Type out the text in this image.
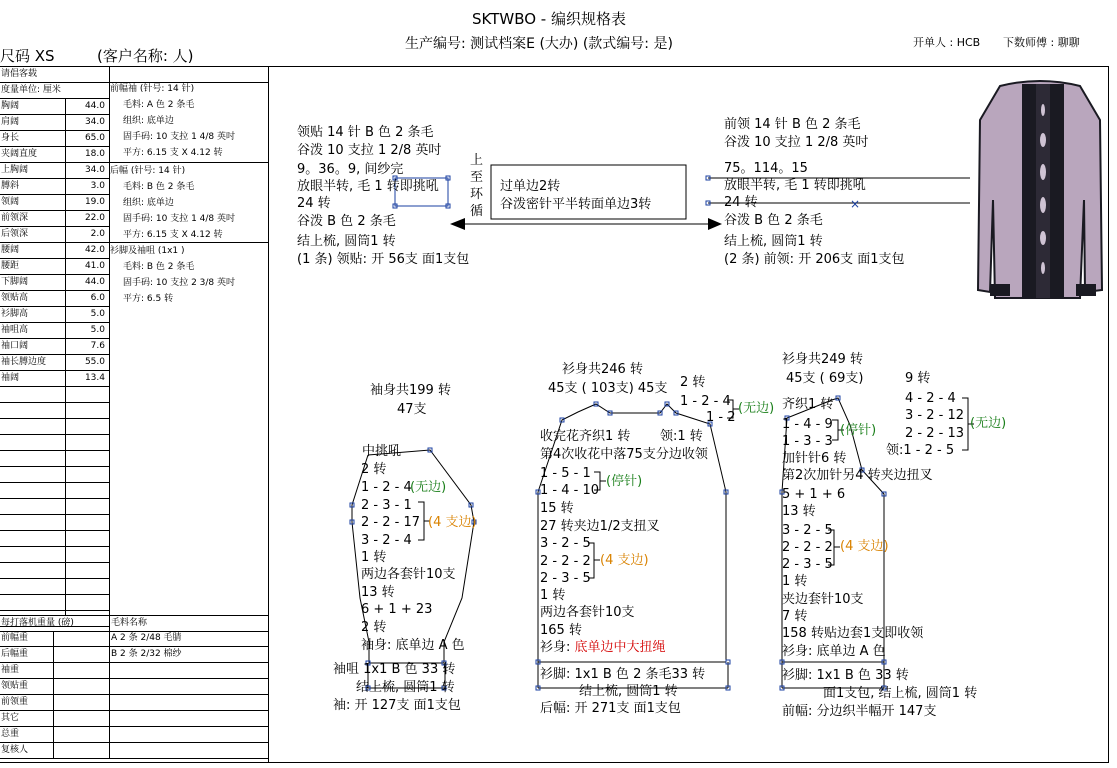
SKTWBO - 编织规格表
生产编号: 测试档案E (大办) (款式编号: 是)
尺码 XS	(客户名称: 人)
开单人 : HCB 下数师傅 : 聊聊
请倡客载
度量单位: 厘米
胸阔	44.0
肩阔	34.0
身长	65.0
夹阔直度	18.0
上胸阔	34.0
膊斜	3.0
领阔	19.0
前领深	22.0
后领深	2.0
腰阔	42.0
腰距	41.0
下脚阔	44.0
领贴高	6.0
衫脚高	5.0
袖咀高	5.0
袖口阔	7.6
袖长膊边度	55.0
袖阔	13.4
前幅袖 (针号: 14 针)
毛料: A 色 2 条毛
组织: 底单边
固手码: 10 支拉 1 4/8 英吋
平方: 6.15 支 X 4.12 转
后幅 (针号: 14 针)
毛料: B 色 2 条毛
组织: 底单边
固手码: 10 支拉 1 4/8 英吋
平方: 6.15 支 X 4.12 转
衫脚及袖咀 (1x1 )
毛料: B 色 2 条毛
固手码: 10 支拉 2 3/8 英吋
平方: 6.5 转
每打落机重量 (磅)	毛料名称
前幅重	A 2 条 2/48 毛腈
后幅重	B 2 条 2/32 棉纱
袖重
领贴重
前领重
其它
总重
复核人
×
领贴 14 针 B 色 2 条毛
谷泼 10 支拉 1 2/8 英吋
9。36。9, 间纱完
放眼半转, 毛 1 转即挑吼
24 转
谷泼 B 色 2 条毛
结上梳, 圆筒1 转
(1 条) 领贴: 开 56支 面1支包
上
至
环
循
过单边2转
谷泼密针平半转面单边3转
前领 14 针 B 色 2 条毛
谷泼 10 支拉 1 2/8 英吋
75。114。15
放眼半转, 毛 1 转即挑吼
24 转
谷泼 B 色 2 条毛
结上梳, 圆筒1 转
(2 条) 前领: 开 206支 面1支包
袖身共199 转
47支
中挑吼
2 转
1 - 2 - 4
2 - 3 - 1
2 - 2 - 17
3 - 2 - 4
1 转
两边各套针10支
13 转
6 + 1 + 23
2 转
袖身: 底单边 A 色
(无边)
(4 支边)
袖咀 1x1 B 色 33 转
结上梳, 圆筒1 转
袖: 开 127支 面1支包
衫身共246 转
45支 ( 103支) 45支 2 转
1 - 2 - 4
1 - 2
(无边)
领:1 转
收完花齐织1 转
第4次收花中落75支分边收领
1 - 5 - 1
1 - 4 - 10
15 转
27 转夹边1/2支扭叉
3 - 2 - 5
2 - 2 - 2
2 - 3 - 5
1 转
两边各套针10支
165 转
(停针)
(4 支边)
衫身: 底单边中大扭绳
衫脚: 1x1 B 色 2 条毛33 转
结上梳, 圆筒1 转
后幅: 开 271支 面1支包
衫身共249 转
45支 ( 69支)
齐织1 转
1 - 4 - 9
1 - 3 - 3
加针针6 转
第2次加针另4 转夹边扭叉
5 + 1 + 6
13 转
3 - 2 - 5
2 - 2 - 2
2 - 3 - 5
1 转
夹边套针10支
7 转
158 转贴边套1支即收领
衫身: 底单边 A 色
(停针)
(4 支边)
9 转
4 - 2 - 4
3 - 2 - 12
2 - 2 - 13
领:1 - 2 - 5
(无边)
衫脚: 1x1 B 色 33 转
面1支包, 结上梳, 圆筒1 转
前幅: 分边织半幅开 147支
